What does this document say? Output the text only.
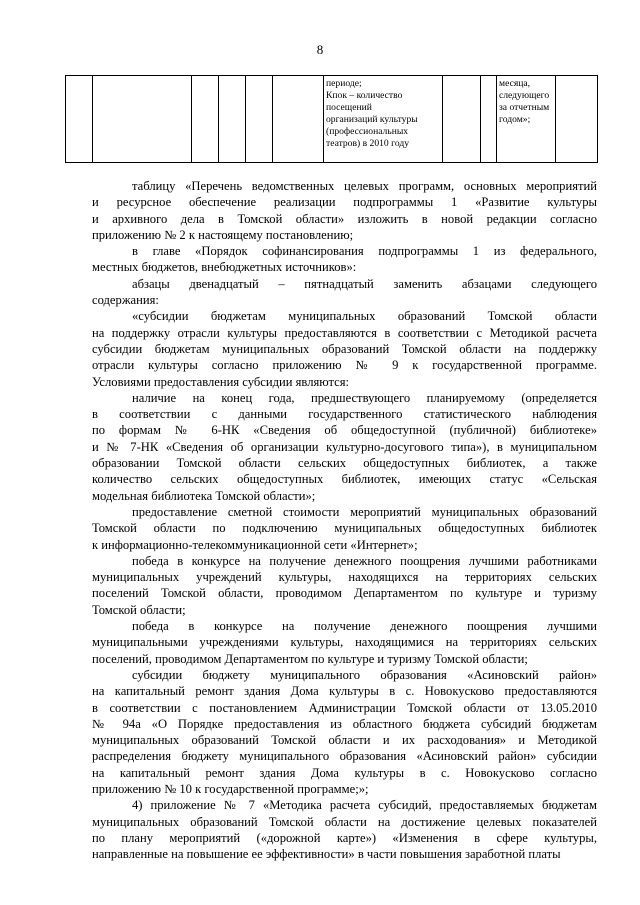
8

периоде;
Кпок – количество
посещений
организаций культуры
(профессиональных
театров) в 2010 году

месяца,
следующего
за отчетным
годом»;

таблицу «Перечень ведомственных целевых программ, основных мероприятий
и ресурсное обеспечение реализации подпрограммы 1 «Развитие культуры
и архивного дела в Томской области» изложить в новой редакции согласно
приложению № 2 к настоящему постановлению;
в главе «Порядок софинансирования подпрограммы 1 из федерального,
местных бюджетов, внебюджетных источников»:
абзацы двенадцатый – пятнадцатый заменить абзацами следующего
содержания:
«субсидии бюджетам муниципальных образований Томской области
на поддержку отрасли культуры предоставляются в соответствии с Методикой расчета
субсидии бюджетам муниципальных образований Томской области на поддержку
отрасли культуры согласно приложению № 9 к государственной программе.
Условиями предоставления субсидии являются:
наличие на конец года, предшествующего планируемому (определяется
в соответствии с данными государственного статистического наблюдения
по формам № 6-НК «Сведения об общедоступной (публичной) библиотеке»
и № 7-НК «Сведения об организации культурно-досугового типа»), в муниципальном
образовании Томской области сельских общедоступных библиотек, а также
количество сельских общедоступных библиотек, имеющих статус «Сельская
модельная библиотека Томской области»;
предоставление сметной стоимости мероприятий муниципальных образований
Томской области по подключению муниципальных общедоступных библиотек
к информационно-телекоммуникационной сети «Интернет»;
победа в конкурсе на получение денежного поощрения лучшими работниками
муниципальных учреждений культуры, находящихся на территориях сельских
поселений Томской области, проводимом Департаментом по культуре и туризму
Томской области;
победа в конкурсе на получение денежного поощрения лучшими
муниципальными учреждениями культуры, находящимися на территориях сельских
поселений, проводимом Департаментом по культуре и туризму Томской области;
субсидии бюджету муниципального образования «Асиновский район»
на капитальный ремонт здания Дома культуры в с. Новокусково предоставляются
в соответствии с постановлением Администрации Томской области от 13.05.2010
№ 94а «О Порядке предоставления из областного бюджета субсидий бюджетам
муниципальных образований Томской области и их расходования» и Методикой
распределения бюджету муниципального образования «Асиновский район» субсидии
на капитальный ремонт здания Дома культуры в с. Новокусково согласно
приложению № 10 к государственной программе;»;
4) приложение № 7 «Методика расчета субсидий, предоставляемых бюджетам
муниципальных образований Томской области на достижение целевых показателей
по плану мероприятий («дорожной картe») «Изменения в сфере культуры,
направленные на повышение ее эффективности» в части повышения заработной платы
